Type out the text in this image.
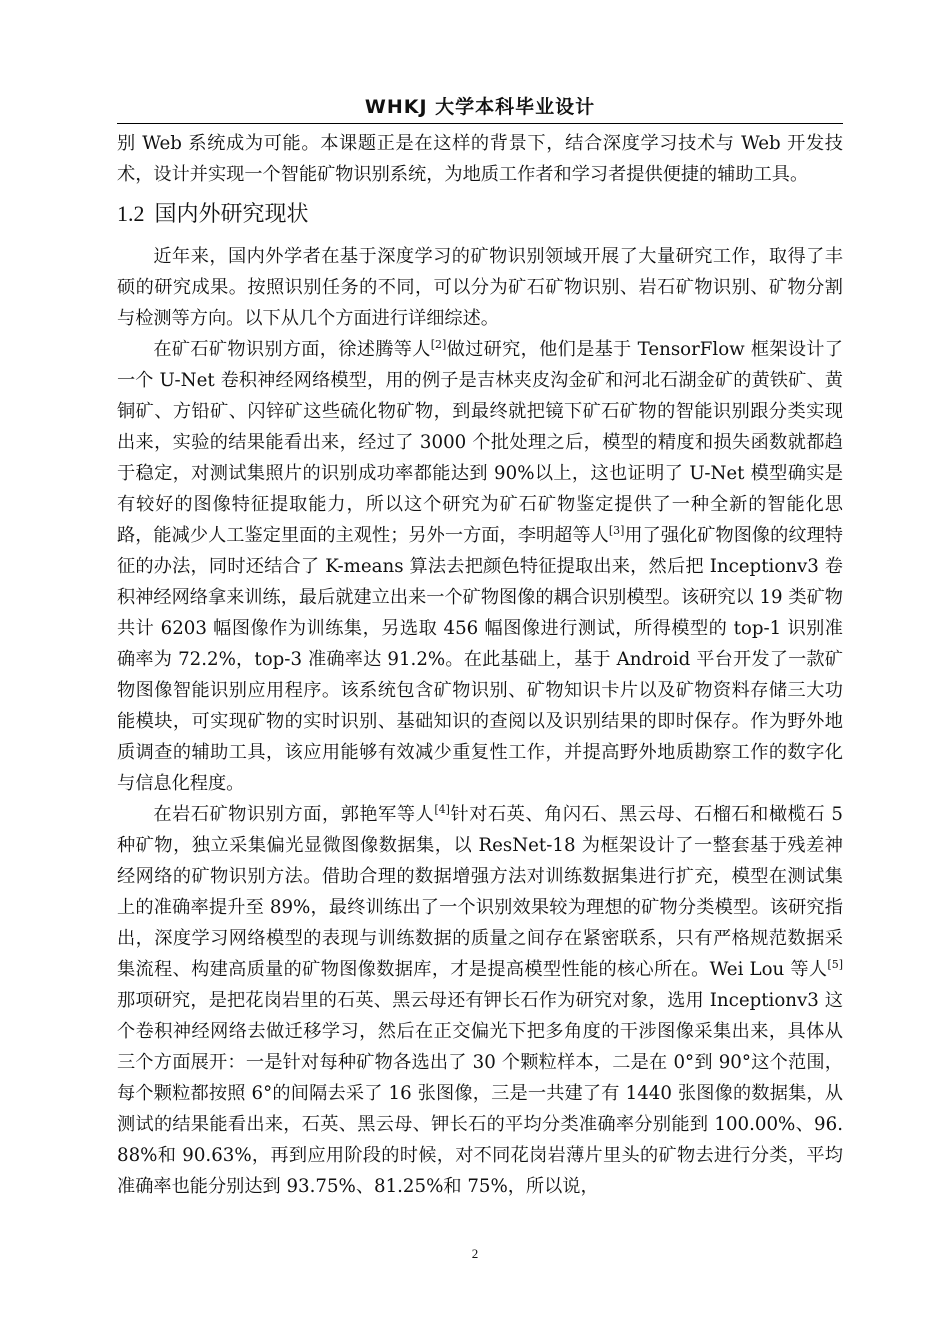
WHKJ 大学本科毕业设计

别 Web 系统成为可能。本课题正是在这样的背景下，结合深度学习技术与 Web 开发技术，设计并实现一个智能矿物识别系统，为地质工作者和学习者提供便捷的辅助工具。

1.2 国内外研究现状

近年来，国内外学者在基于深度学习的矿物识别领域开展了大量研究工作，取得了丰硕的研究成果。按照识别任务的不同，可以分为矿石矿物识别、岩石矿物识别、矿物分割与检测等方向。以下从几个方面进行详细综述。

在矿石矿物识别方面，徐述腾等人[2]做过研究，他们是基于 TensorFlow 框架设计了一个 U-Net 卷积神经网络模型，用的例子是吉林夹皮沟金矿和河北石湖金矿的黄铁矿、黄铜矿、方铅矿、闪锌矿这些硫化物矿物，到最终就把镜下矿石矿物的智能识别跟分类实现出来，实验的结果能看出来，经过了 3000 个批处理之后，模型的精度和损失函数就都趋于稳定，对测试集照片的识别成功率都能达到 90%以上，这也证明了 U-Net 模型确实是有较好的图像特征提取能力，所以这个研究为矿石矿物鉴定提供了一种全新的智能化思路，能减少人工鉴定里面的主观性；另外一方面，李明超等人[3]用了强化矿物图像的纹理特征的办法，同时还结合了 K-means 算法去把颜色特征提取出来，然后把 Inceptionv3 卷积神经网络拿来训练，最后就建立出来一个矿物图像的耦合识别模型。该研究以 19 类矿物共计 6203 幅图像作为训练集，另选取 456 幅图像进行测试，所得模型的 top-1 识别准确率为 72.2%，top-3 准确率达 91.2%。在此基础上，基于 Android 平台开发了一款矿物图像智能识别应用程序。该系统包含矿物识别、矿物知识卡片以及矿物资料存储三大功能模块，可实现矿物的实时识别、基础知识的查阅以及识别结果的即时保存。作为野外地质调查的辅助工具，该应用能够有效减少重复性工作，并提高野外地质勘察工作的数字化与信息化程度。

在岩石矿物识别方面，郭艳军等人[4]针对石英、角闪石、黑云母、石榴石和橄榄石 5 种矿物，独立采集偏光显微图像数据集，以 ResNet-18 为框架设计了一整套基于残差神经网络的矿物识别方法。借助合理的数据增强方法对训练数据集进行扩充，模型在测试集上的准确率提升至 89%，最终训练出了一个识别效果较为理想的矿物分类模型。该研究指出，深度学习网络模型的表现与训练数据的质量之间存在紧密联系，只有严格规范数据采集流程、构建高质量的矿物图像数据库，才是提高模型性能的核心所在。Wei Lou 等人[5]那项研究，是把花岗岩里的石英、黑云母还有钾长石作为研究对象，选用 Inceptionv3 这个卷积神经网络去做迁移学习，然后在正交偏光下把多角度的干涉图像采集出来，具体从三个方面展开：一是针对每种矿物各选出了 30 个颗粒样本，二是在 0°到 90°这个范围，每个颗粒都按照 6°的间隔去采了 16 张图像，三是一共建了有 1440 张图像的数据集，从测试的结果能看出来，石英、黑云母、钾长石的平均分类准确率分别能到 100.00%、96.88%和 90.63%，再到应用阶段的时候，对不同花岗岩薄片里头的矿物去进行分类，平均准确率也能分别达到 93.75%、81.25%和 75%，所以说，

2
